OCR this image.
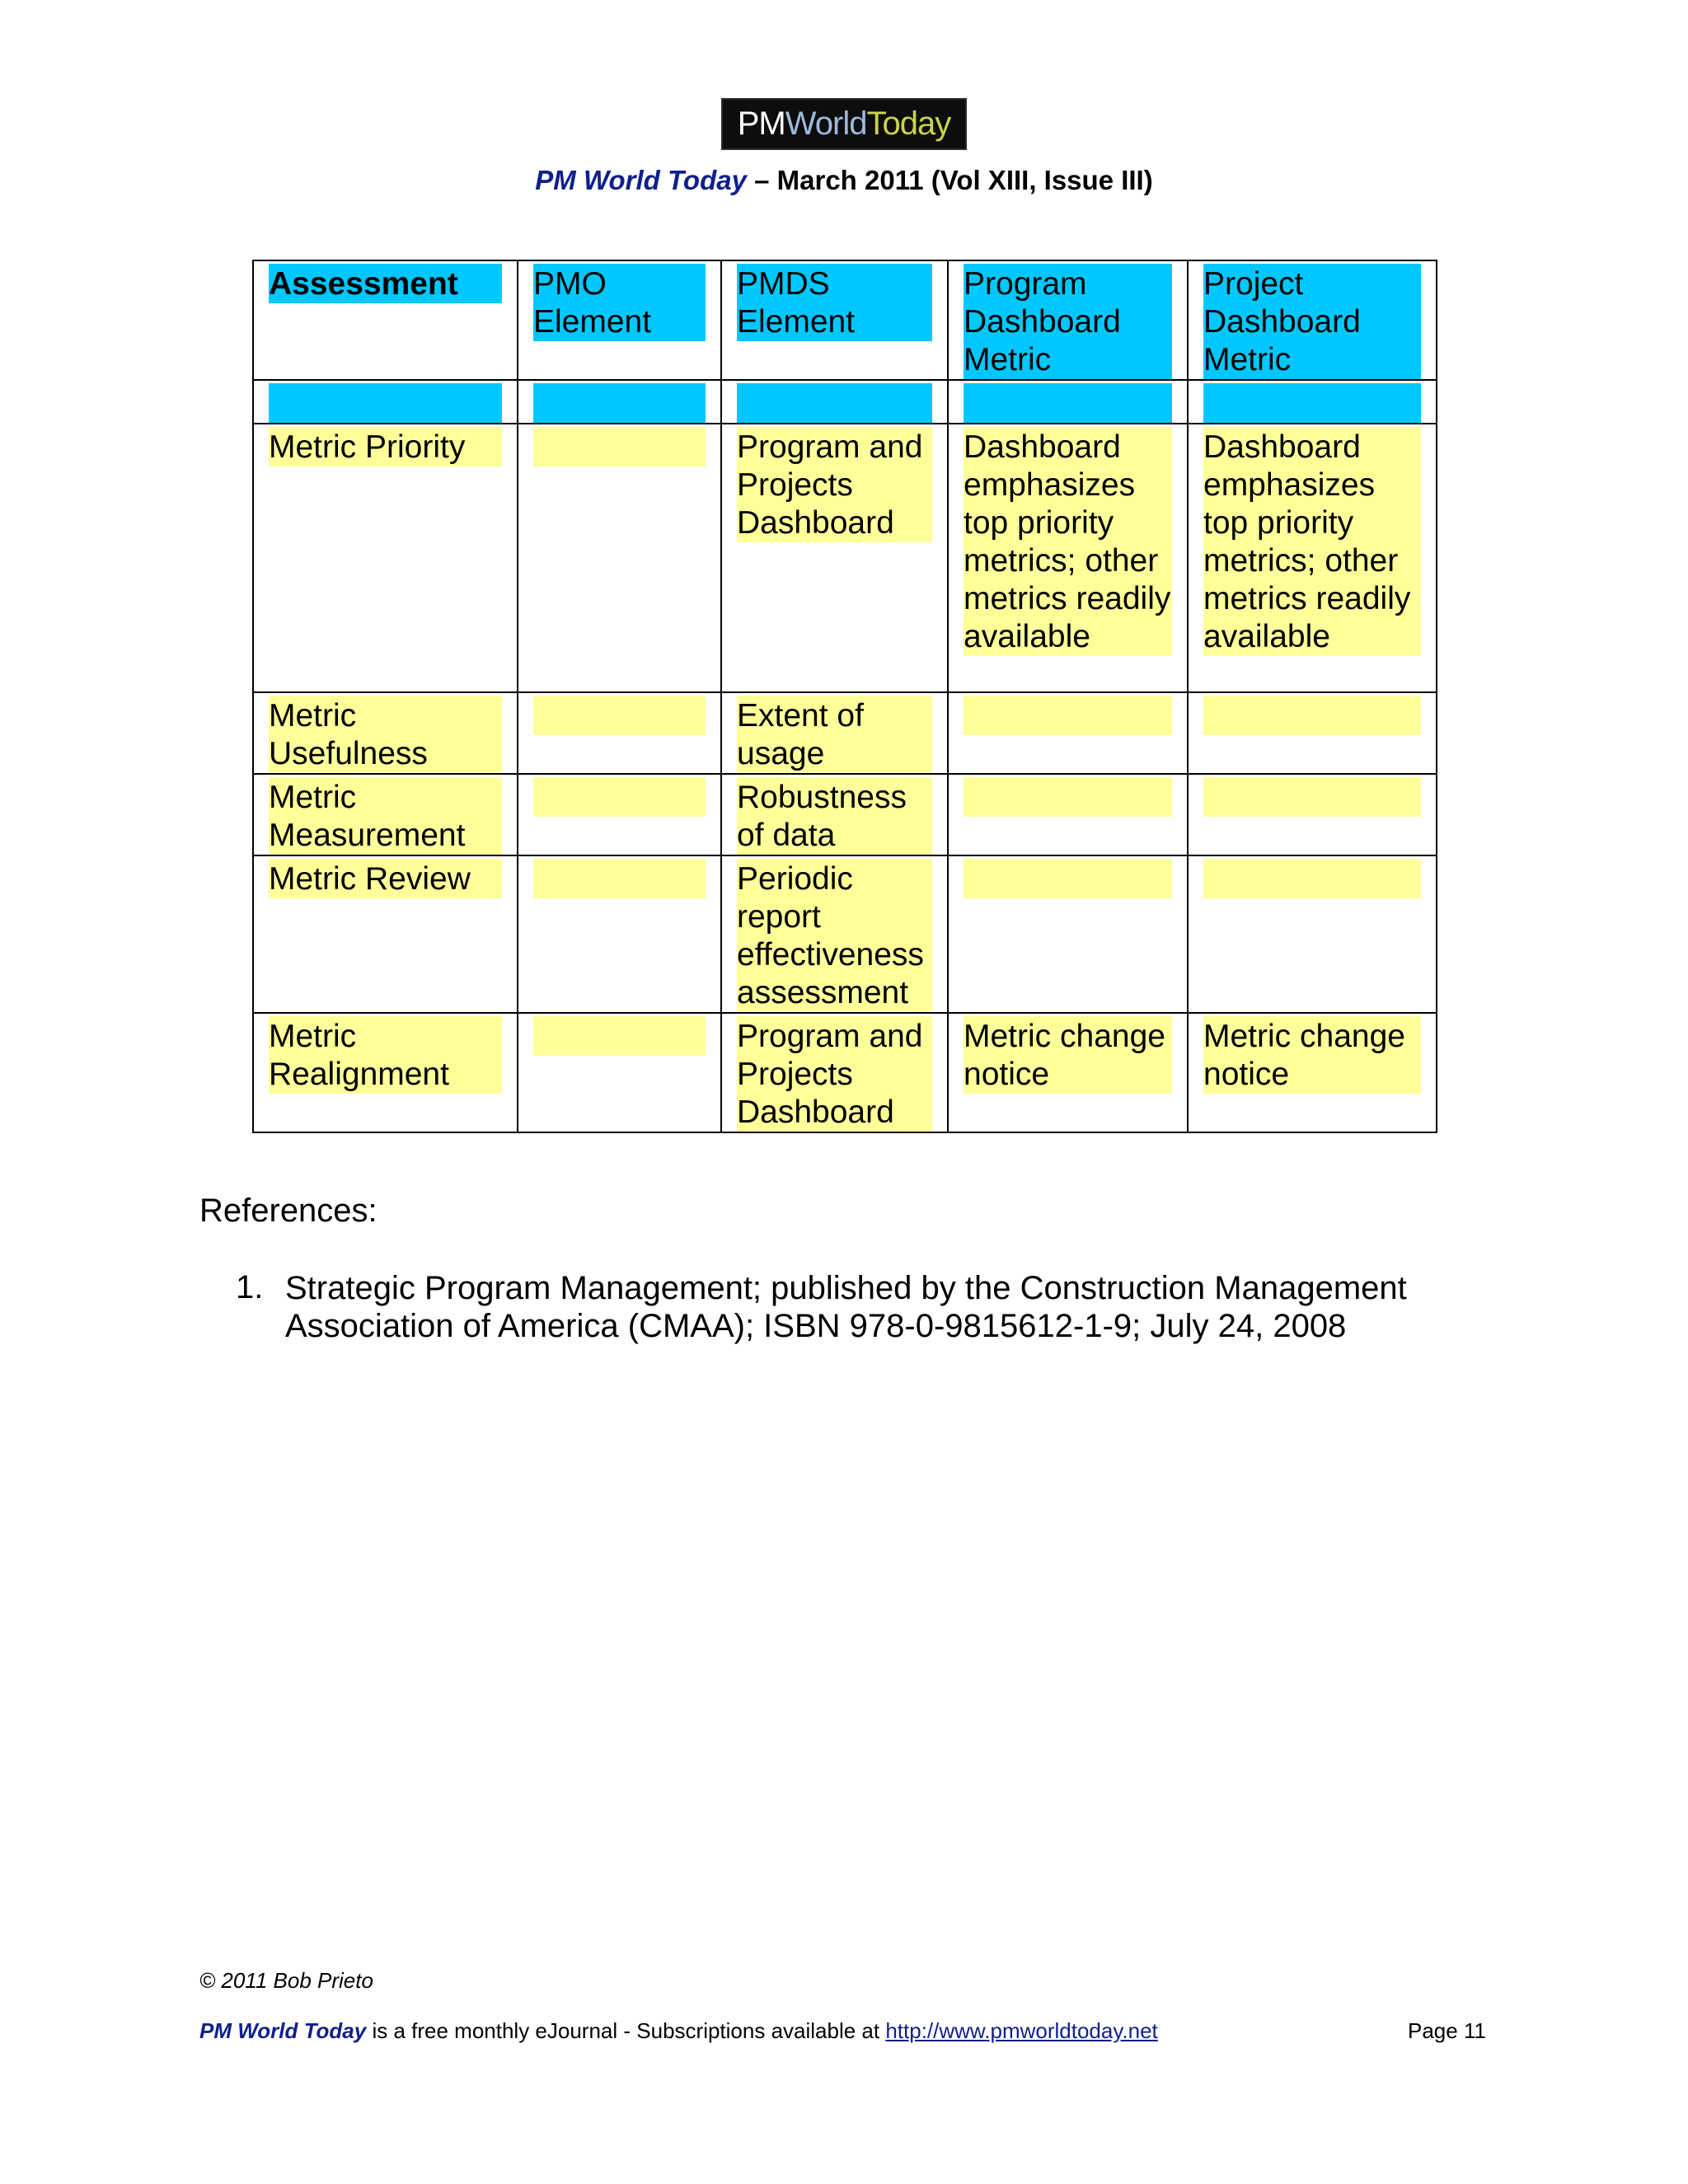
PM World Today
PM World Today – March 2011 (Vol XIII, Issue III)
Assessment	PMO Element	PMDS Element	Program Dashboard Metric	Project Dashboard Metric

Metric Priority		Program and Projects Dashboard	Dashboard emphasizes top priority metrics; other metrics readily available	Dashboard emphasizes top priority metrics; other metrics readily available

Metric Usefulness		Extent of usage		

Metric Measurement		Robustness of data		

Metric Review		Periodic report effectiveness assessment		

Metric Realignment		Program and Projects Dashboard	Metric change notice	Metric change notice
References:
1. Strategic Program Management; published by the Construction Management Association of America (CMAA); ISBN 978-0-9815612-1-9; July 24, 2008
© 2011 Bob Prieto
PM World Today is a free monthly eJournal - Subscriptions available at http://www.pmworldtoday.net	Page 11
